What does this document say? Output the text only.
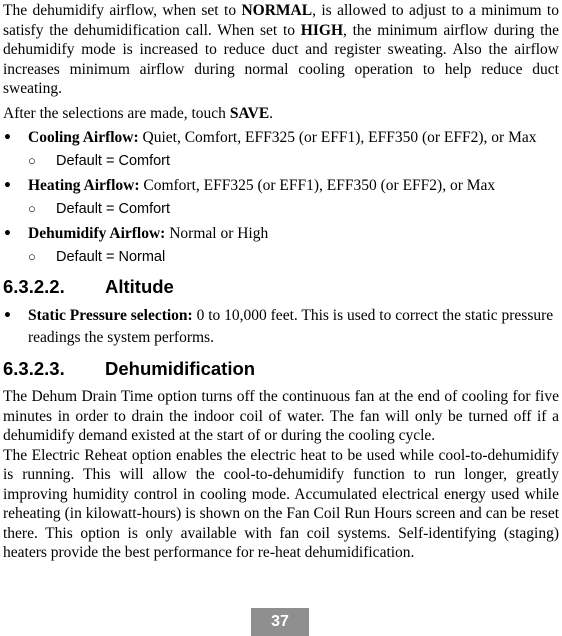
The dehumidify airflow, when set to NORMAL, is allowed to adjust to a minimum to satisfy the dehumidification call. When set to HIGH, the minimum airflow during the dehumidify mode is increased to reduce duct and register sweating. Also the airflow increases minimum airflow during normal cooling operation to help reduce duct sweating.

After the selections are made, touch SAVE.

• Cooling Airflow: Quiet, Comfort, EFF325 (or EFF1), EFF350 (or EFF2), or Max
○ Default = Comfort
• Heating Airflow: Comfort, EFF325 (or EFF1), EFF350 (or EFF2), or Max
○ Default = Comfort
• Dehumidify Airflow: Normal or High
○ Default = Normal
6.3.2.2. Altitude
• Static Pressure selection: 0 to 10,000 feet. This is used to correct the static pressure readings the system performs.
6.3.2.3. Dehumidification

The Dehum Drain Time option turns off the continuous fan at the end of cooling for five minutes in order to drain the indoor coil of water. The fan will only be turned off if a dehumidify demand existed at the start of or during the cooling cycle.

The Electric Reheat option enables the electric heat to be used while cool-to-dehumidify is running. This will allow the cool-to-dehumidify function to run longer, greatly improving humidity control in cooling mode. Accumulated electrical energy used while reheating (in kilowatt-hours) is shown on the Fan Coil Run Hours screen and can be reset there. This option is only available with fan coil systems. Self-identifying (staging) heaters provide the best performance for re-heat dehumidification.

37
